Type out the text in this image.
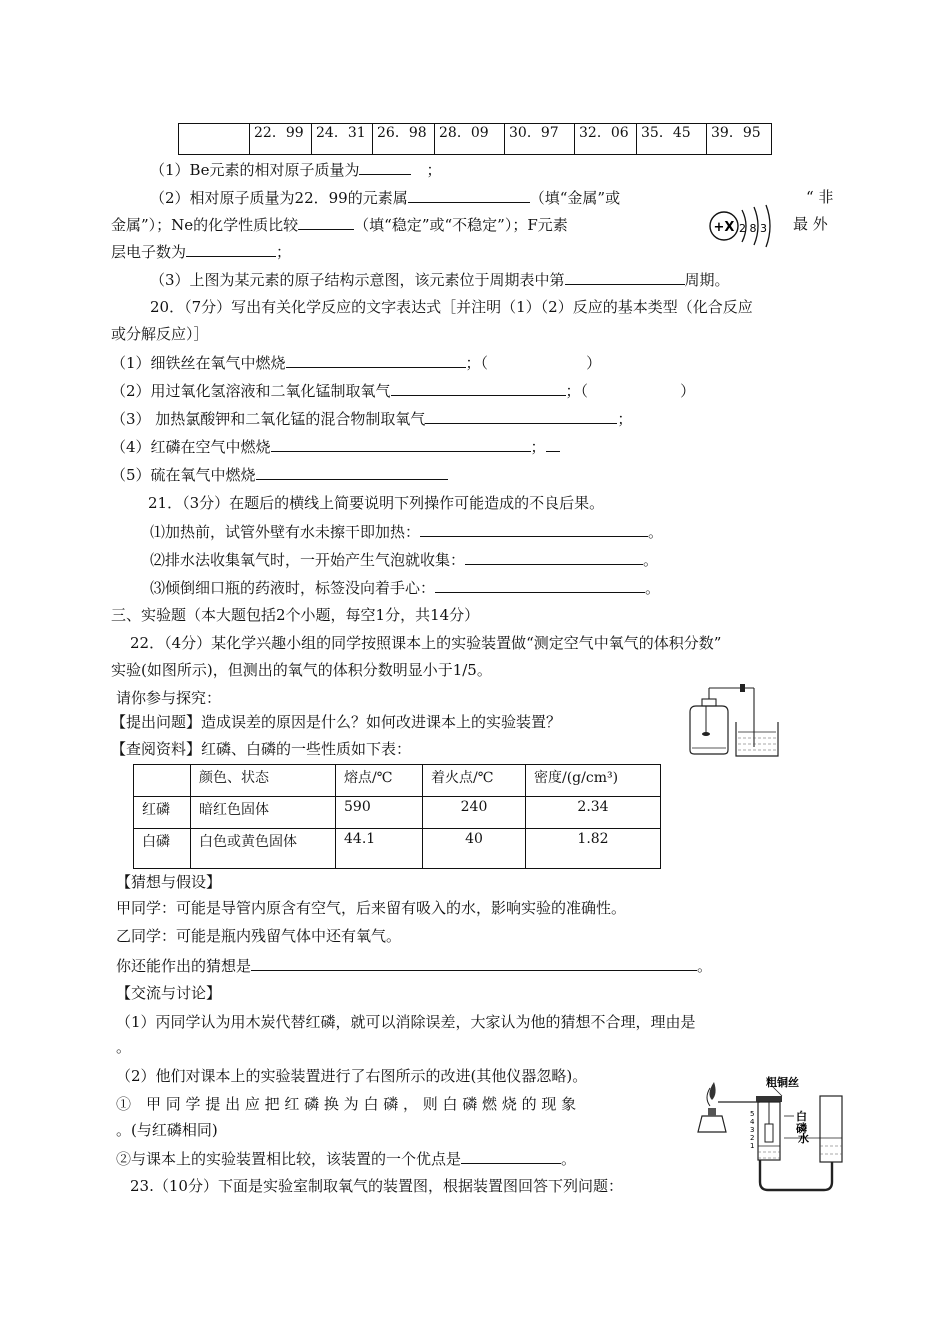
	22．99	24．31	26．98	28．09	30．97	32．06	35．45	39．95
（1）Be元素的相对原子质量为　	；
（2）相对原子质量为22．99的元素属	（填“金属”或	“ 非
金属”）；Ne的化学性质比较	（填“稳定”或“不稳定”）；F元素	最 外
层电子数为	；
+X 2 8 3
（3）上图为某元素的原子结构示意图，该元素位于周期表中第	周期。
20．（7分）写出有关化学反应的文字表达式［并注明（1）（2）反应的基本类型（化合反应
或分解反应）］
（1）细铁丝在氧气中燃烧	；（	）
（2）用过氧化氢溶液和二氧化锰制取氧气	；（	）
（3） 加热氯酸钾和二氧化锰的混合物制取氧气	；
（4）红磷在空气中燃烧	；
（5）硫在氧气中燃烧
21．（3分）在题后的横线上简要说明下列操作可能造成的不良后果。
⑴加热前，试管外壁有水未擦干即加热：	。
⑵排水法收集氧气时，一开始产生气泡就收集：	。
⑶倾倒细口瓶的药液时，标签没向着手心：	。
三、实验题（本大题包括2个小题，每空1分，共14分）
22．（4分）某化学兴趣小组的同学按照课本上的实验装置做“测定空气中氧气的体积分数”
实验(如图所示)，但测出的氧气的体积分数明显小于1/5。
请你参与探究：
【提出问题】造成误差的原因是什么？如何改进课本上的实验装置？
【查阅资料】红磷、白磷的一些性质如下表：
	颜色、状态	熔点/℃	着火点/℃	密度/(g/cm³)
红磷	暗红色固体	590	240	2.34
白磷	白色或黄色固体	44.1	40	1.82
【猜想与假设】
甲同学：可能是导管内原含有空气，后来留有吸入的水，影响实验的准确性。
乙同学：可能是瓶内残留气体中还有氧气。
你还能作出的猜想是	。
【交流与讨论】
（1）丙同学认为用木炭代替红磷，就可以消除误差，大家认为他的猜想不合理，理由是
。
（2）他们对课本上的实验装置进行了右图所示的改进(其他仪器忽略)。
①　甲 同 学 提 出 应 把 红 磷 换 为 白 磷 ， 则 白 磷 燃 烧 的 现 象
。(与红磷相同)
②与课本上的实验装置相比较，该装置的一个优点是	。
粗铜丝
白
磷
水
5
4
3
2
1
23.（10分）下面是实验室制取氧气的装置图，根据装置图回答下列问题：
